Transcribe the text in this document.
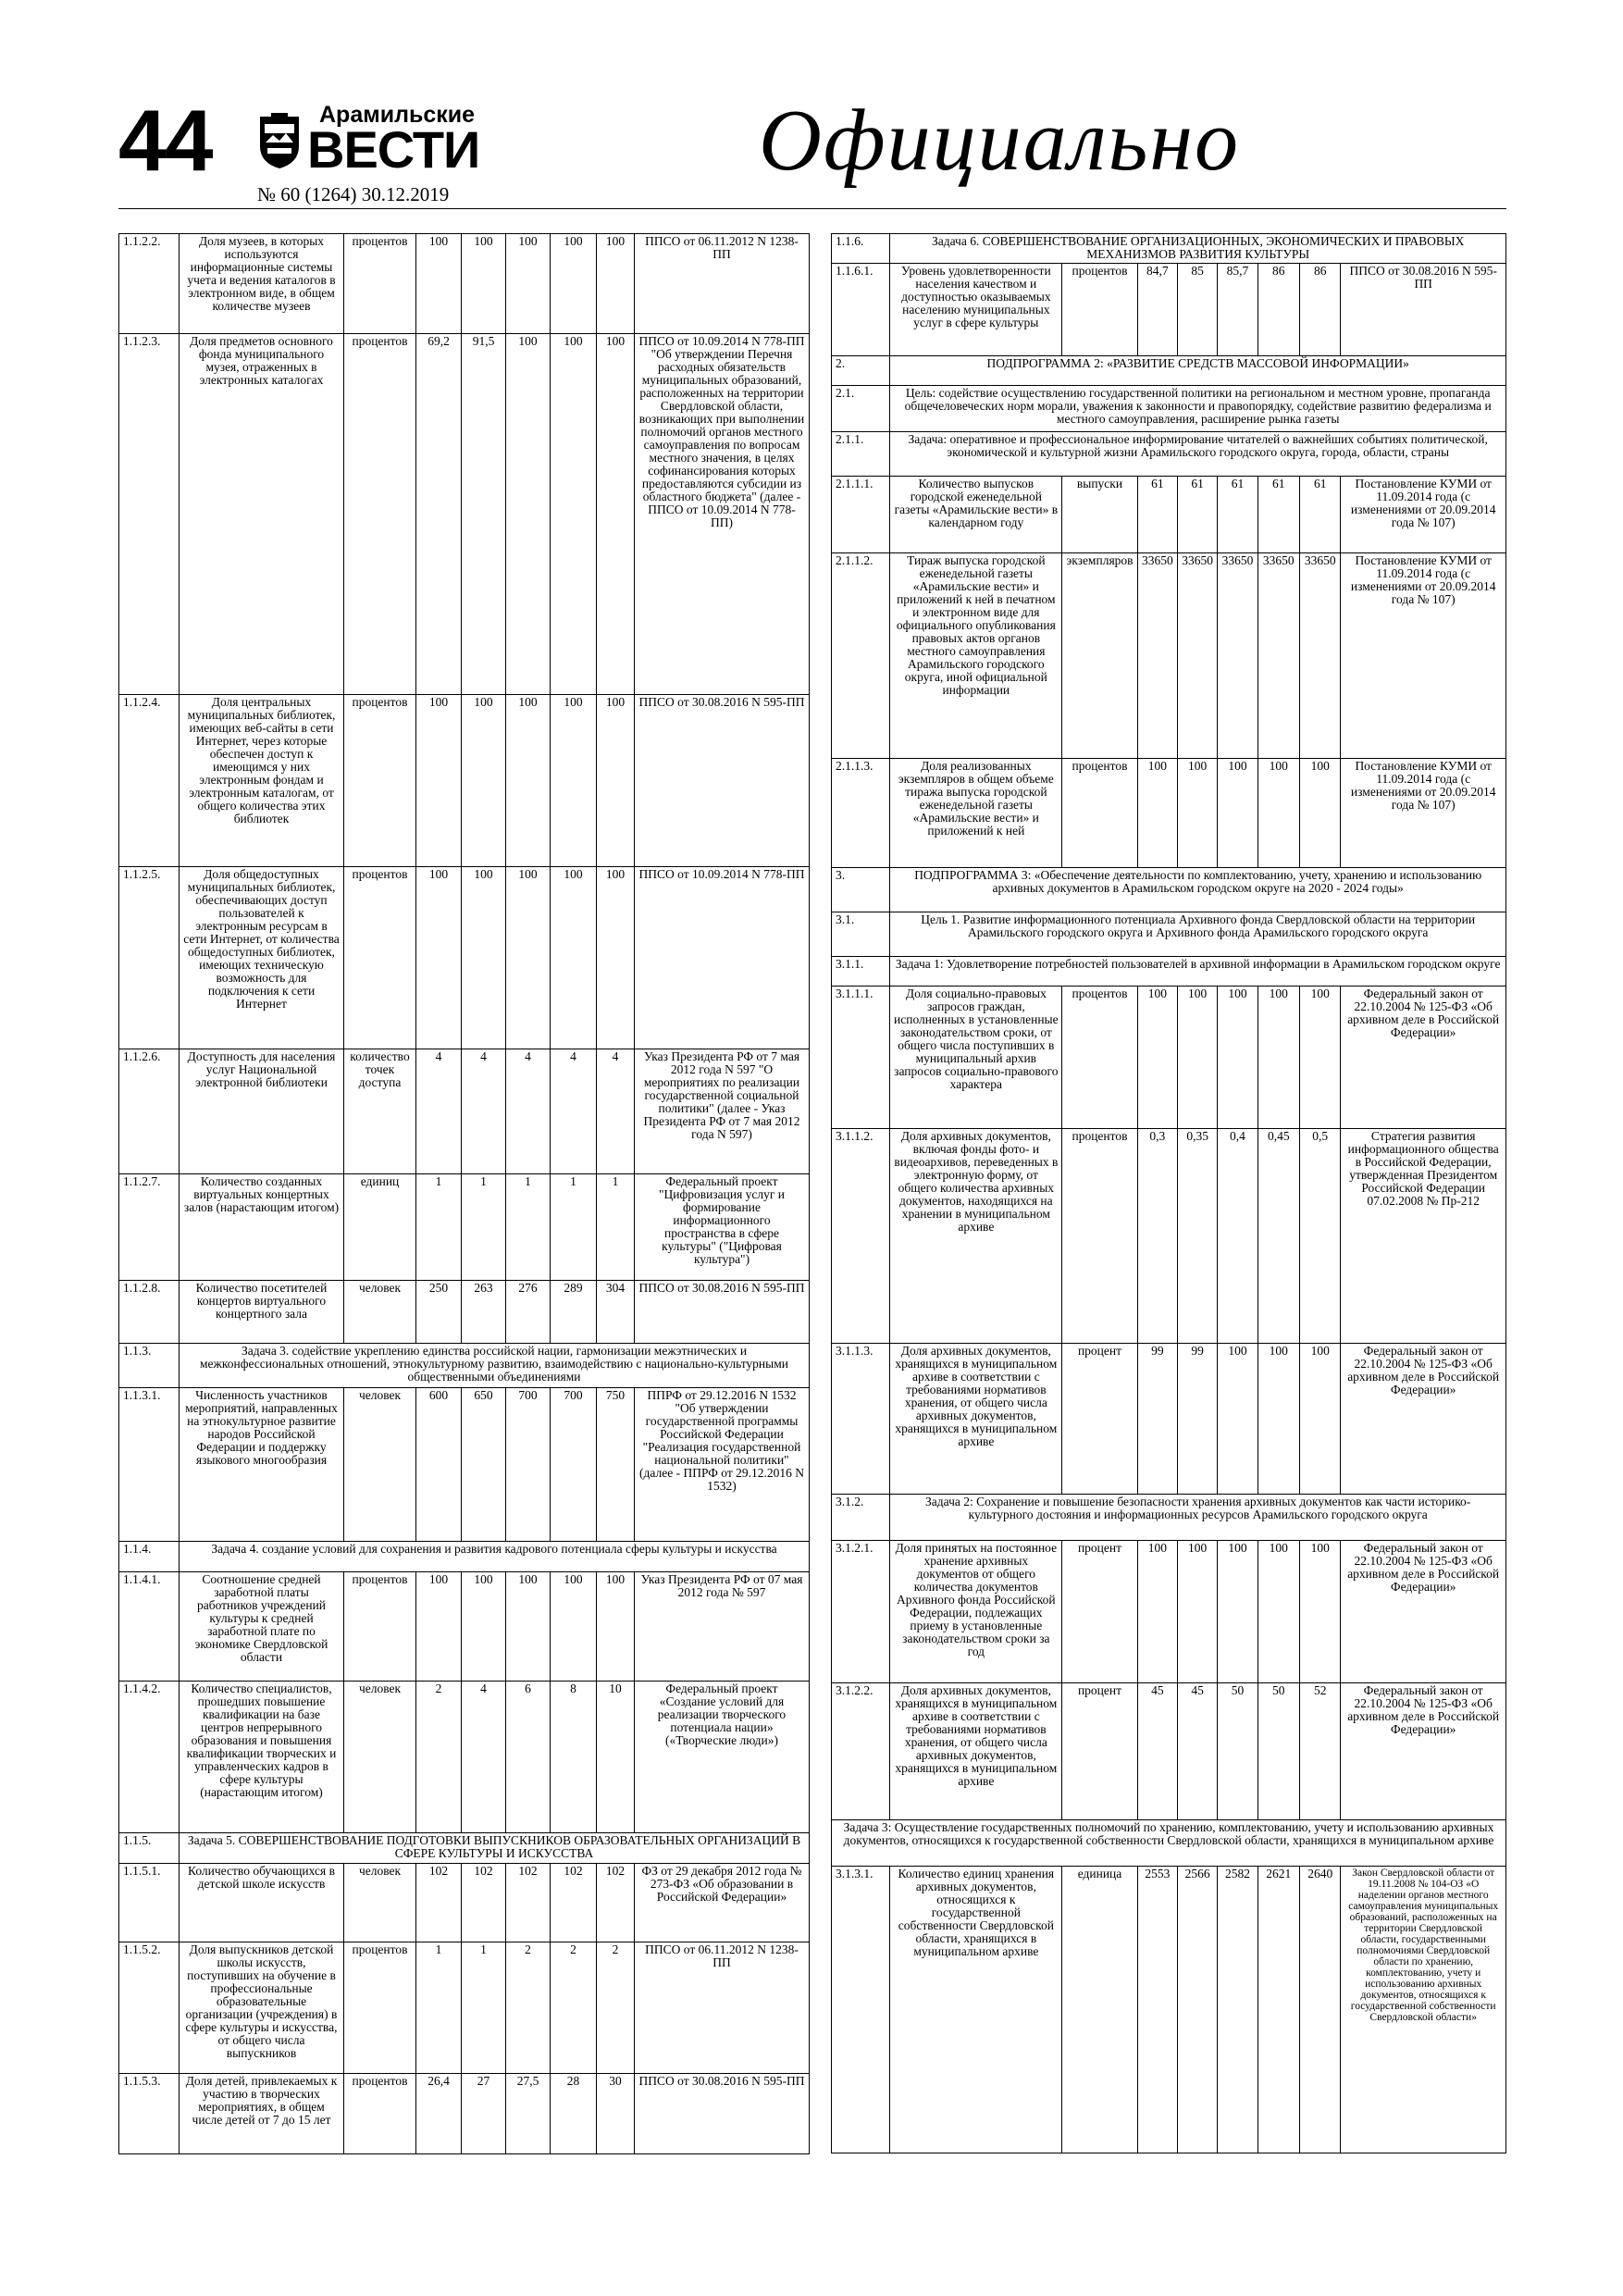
44	Арамильские
ВЕСТИ
№ 60 (1264) 30.12.2019
Официально
1.1.2.2.	Доля музеев, в которых используются информационные системы учета и ведения каталогов в электронном виде, в общем количестве музеев	процентов	100	100	100	100	100	ППСО от 06.11.2012 N 1238-ПП
1.1.2.3.	Доля предметов основного фонда муниципального музея, отраженных в электронных каталогах	процентов	69,2	91,5	100	100	100	ППСО от 10.09.2014 N 778-ПП "Об утверждении Перечня расходных обязательств муниципальных образований, расположенных на территории Свердловской области, возникающих при выполнении полномочий органов местного самоуправления по вопросам местного значения, в целях софинансирования которых предоставляются субсидии из областного бюджета" (далее - ППСО от 10.09.2014 N 778-ПП)
1.1.2.4.	Доля центральных муниципальных библиотек, имеющих веб-сайты в сети Интернет, через которые обеспечен доступ к имеющимся у них электронным фондам и электронным каталогам, от общего количества этих библиотек	процентов	100	100	100	100	100	ППСО от 30.08.2016 N 595-ПП
1.1.2.5.	Доля общедоступных муниципальных библиотек, обеспечивающих доступ пользователей к электронным ресурсам в сети Интернет, от количества общедоступных библиотек, имеющих техническую возможность для подключения к сети Интернет	процентов	100	100	100	100	100	ППСО от 10.09.2014 N 778-ПП
1.1.2.6.	Доступность для населения услуг Национальной электронной библиотеки	количество точек доступа	4	4	4	4	4	Указ Президента РФ от 7 мая 2012 года N 597 "О мероприятиях по реализации государственной социальной политики" (далее - Указ Президента РФ от 7 мая 2012 года N 597)
1.1.2.7.	Количество созданных виртуальных концертных залов (нарастающим итогом)	единиц	1	1	1	1	1	Федеральный проект "Цифровизация услуг и формирование информационного пространства в сфере культуры" ("Цифровая культура")
1.1.2.8.	Количество посетителей концертов виртуального концертного зала	человек	250	263	276	289	304	ППСО от 30.08.2016 N 595-ПП
1.1.3.	Задача 3. содействие укреплению единства российской нации, гармонизации межэтнических и межконфессиональных отношений, этнокультурному развитию, взаимодействию с национально-культурными общественными объединениями							
1.1.3.1.	Численность участников мероприятий, направленных на этнокультурное развитие народов Российской Федерации и поддержку языкового многообразия	человек	600	650	700	700	750	ППРФ от 29.12.2016 N 1532 "Об утверждении государственной программы Российской Федерации "Реализация государственной национальной политики" (далее - ППРФ от 29.12.2016 N 1532)
1.1.4.	Задача 4. создание условий для сохранения и развития кадрового потенциала сферы культуры и искусства							
1.1.4.1.	Соотношение средней заработной платы работников учреждений культуры к средней заработной плате по экономике Свердловской области	процентов	100	100	100	100	100	Указ Президента РФ от 07 мая 2012 года № 597
1.1.4.2.	Количество специалистов, прошедших повышение квалификации на базе центров непрерывного образования и повышения квалификации творческих и управленческих кадров в сфере культуры (нарастающим итогом)	человек	2	4	6	8	10	Федеральный проект «Создание условий для реализации творческого потенциала нации» («Творческие люди»)
1.1.5.	Задача 5. СОВЕРШЕНСТВОВАНИЕ ПОДГОТОВКИ ВЫПУСКНИКОВ ОБРАЗОВАТЕЛЬНЫХ ОРГАНИЗАЦИЙ В СФЕРЕ КУЛЬТУРЫ И ИСКУССТВА							
1.1.5.1.	Количество обучающихся в детской школе искусств	человек	102	102	102	102	102	ФЗ от 29 декабря 2012 года № 273-ФЗ «Об образовании в Российской Федерации»
1.1.5.2.	Доля выпускников детской школы искусств, поступивших на обучение в профессиональные образовательные организации (учреждения) в сфере культуры и искусства, от общего числа выпускников	процентов	1	1	2	2	2	ППСО от 06.11.2012 N 1238-ПП
1.1.5.3.	Доля детей, привлекаемых к участию в творческих мероприятиях, в общем числе детей от 7 до 15 лет	процентов	26,4	27	27,5	28	30	ППСО от 30.08.2016 N 595-ПП
1.1.6.	Задача 6. СОВЕРШЕНСТВОВАНИЕ ОРГАНИЗАЦИОННЫХ, ЭКОНОМИЧЕСКИХ И ПРАВОВЫХ МЕХАНИЗМОВ РАЗВИТИЯ КУЛЬТУРЫ							
1.1.6.1.	Уровень удовлетворенности населения качеством и доступностью оказываемых населению муниципальных услуг в сфере культуры	процентов	84,7	85	85,7	86	86	ППСО от 30.08.2016 N 595-ПП
2.	ПОДПРОГРАММА 2: «РАЗВИТИЕ СРЕДСТВ МАССОВОЙ ИНФОРМАЦИИ»							
2.1.	Цель: содействие осуществлению государственной политики на региональном и местном уровне, пропаганда общечеловеческих норм морали, уважения к законности и правопорядку, содействие развитию федерализма и местного самоуправления, расширение рынка газеты							
2.1.1.	Задача: оперативное и профессиональное информирование читателей о важнейших событиях политической, экономической и культурной жизни Арамильского городского округа, города, области, страны							
2.1.1.1.	Количество выпусков городской еженедельной газеты «Арамильские вести» в календарном году	выпуски	61	61	61	61	61	Постановление КУМИ от 11.09.2014 года (с изменениями от 20.09.2014 года № 107)
2.1.1.2.	Тираж выпуска городской еженедельной газеты «Арамильские вести» и приложений к ней в печатном и электронном виде для официального опубликования правовых актов органов местного самоуправления Арамильского городского округа, иной официальной информации	экземпляров	33650	33650	33650	33650	33650	Постановление КУМИ от 11.09.2014 года (с изменениями от 20.09.2014 года № 107)
2.1.1.3.	Доля реализованных экземпляров в общем объеме тиража выпуска городской еженедельной газеты «Арамильские вести» и приложений к ней	процентов	100	100	100	100	100	Постановление КУМИ от 11.09.2014 года (с изменениями от 20.09.2014 года № 107)
3.	ПОДПРОГРАММА 3: «Обеспечение деятельности по комплектованию, учету, хранению и использованию архивных документов в Арамильском городском округе на 2020 - 2024 годы»							
3.1.	Цель 1. Развитие информационного потенциала Архивного фонда Свердловской области на территории Арамильского городского округа и Архивного фонда Арамильского городского округа							
3.1.1.	Задача 1: Удовлетворение потребностей пользователей в архивной информации в Арамильском городском округе							
3.1.1.1.	Доля социально-правовых запросов граждан, исполненных в установленные законодательством сроки, от общего числа поступивших в муниципальный архив запросов социально-правового характера	процентов	100	100	100	100	100	Федеральный закон от 22.10.2004 № 125-ФЗ «Об архивном деле в Российской Федерации»
3.1.1.2.	Доля архивных документов, включая фонды фото- и видеоархивов, переведенных в электронную форму, от общего количества архивных документов, находящихся на хранении в муниципальном архиве	процентов	0,3	0,35	0,4	0,45	0,5	Стратегия развития информационного общества в Российской Федерации, утвержденная Президентом Российской Федерации 07.02.2008 № Пр-212
3.1.1.3.	Доля архивных документов, хранящихся в муниципальном архиве в соответствии с требованиями нормативов хранения, от общего числа архивных документов, хранящихся в муниципальном архиве	процент	99	99	100	100	100	Федеральный закон от 22.10.2004 № 125-ФЗ «Об архивном деле в Российской Федерации»
3.1.2.	Задача 2: Сохранение и повышение безопасности хранения архивных документов как части историко-культурного достояния и информационных ресурсов Арамильского городского округа							
3.1.2.1.	Доля принятых на постоянное хранение архивных документов от общего количества документов Архивного фонда Российской Федерации, подлежащих приему в установленные законодательством сроки за год	процент	100	100	100	100	100	Федеральный закон от 22.10.2004 № 125-ФЗ «Об архивном деле в Российской Федерации»
3.1.2.2.	Доля архивных документов, хранящихся в муниципальном архиве в соответствии с требованиями нормативов хранения, от общего числа архивных документов, хранящихся в муниципальном архиве	процент	45	45	50	50	52	Федеральный закон от 22.10.2004 № 125-ФЗ «Об архивном деле в Российской Федерации»
Задача 3: Осуществление государственных полномочий по хранению, комплектованию, учету и использованию архивных документов, относящихся к государственной собственности Свердловской области, хранящихся в муниципальном архиве								
3.1.3.1.	Количество единиц хранения архивных документов, относящихся к государственной собственности Свердловской области, хранящихся в муниципальном архиве	единица	2553	2566	2582	2621	2640	Закон Свердловской области от 19.11.2008 № 104-ОЗ «О наделении органов местного самоуправления муниципальных образований, расположенных на территории Свердловской области, государственными полномочиями Свердловской области по хранению, комплектованию, учету и использованию архивных документов, относящихся к государственной собственности Свердловской области»
